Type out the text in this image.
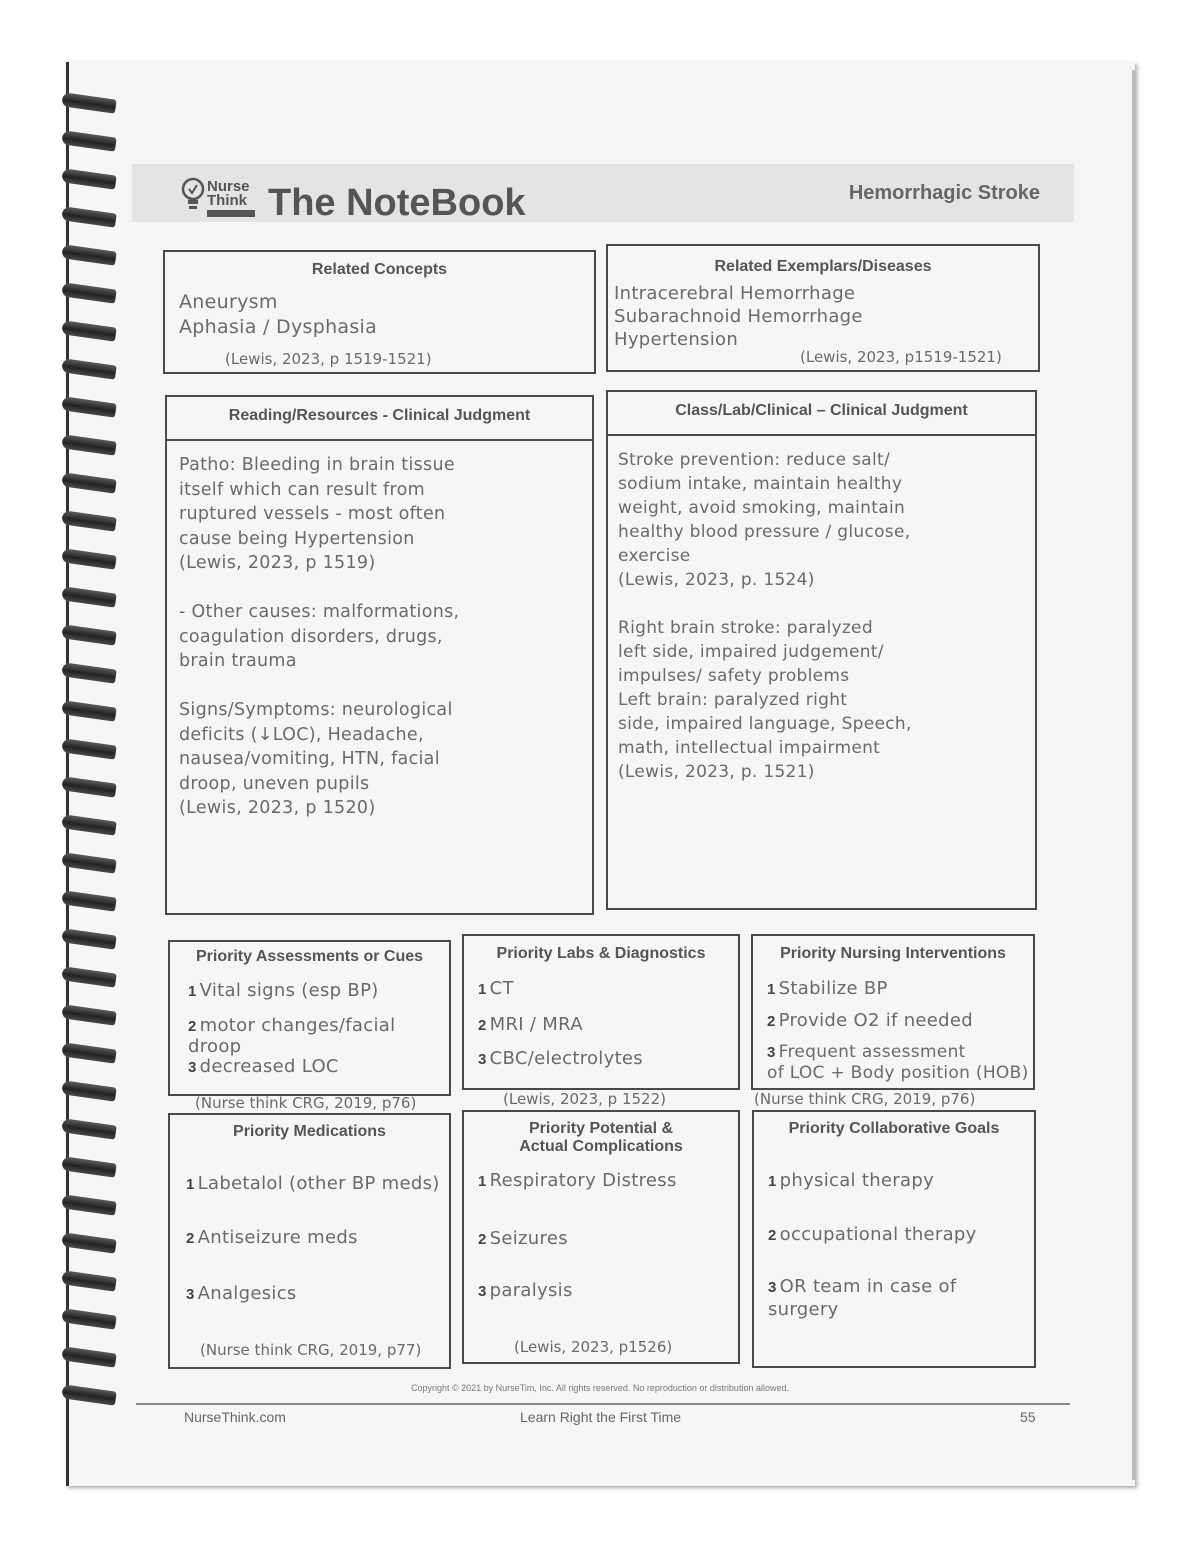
Nurse Think The NoteBook	Hemorrhagic Stroke
Related Concepts
Aneurysm
Aphasia / Dysphasia
(Lewis, 2023, p 1519-1521)
Related Exemplars/Diseases
Intracerebral Hemorrhage
Subarachnoid Hemorrhage
Hypertension
(Lewis, 2023, p1519-1521)
Reading/Resources - Clinical Judgment
Patho: Bleeding in brain tissue
itself which can result from
ruptured vessels - most often
cause being Hypertension
(Lewis, 2023, p 1519)

- Other causes: malformations,
coagulation disorders, drugs,
brain trauma

Signs/Symptoms: neurological
deficits (↓LOC), Headache,
nausea/vomiting, HTN, facial
droop, uneven pupils
(Lewis, 2023, p 1520)
Class/Lab/Clinical – Clinical Judgment
Stroke prevention: reduce salt/
sodium intake, maintain healthy
weight, avoid smoking, maintain
healthy blood pressure / glucose,
exercise
(Lewis, 2023, p. 1524)

Right brain stroke: paralyzed
left side, impaired judgement/
impulses/ safety problems
Left brain: paralyzed right
side, impaired language, Speech,
math, intellectual impairment
(Lewis, 2023, p. 1521)
Priority Assessments or Cues
1 Vital signs (esp BP)
2 motor changes/facial
droop
3 decreased LOC
(Nurse think CRG, 2019, p76)
Priority Labs & Diagnostics
1 CT
2 MRI / MRA
3 CBC/electrolytes
(Lewis, 2023, p 1522)
Priority Nursing Interventions
1 Stabilize BP
2 Provide O2 if needed
3 Frequent assessment
of LOC + Body position (HOB)
(Nurse think CRG, 2019, p76)
Priority Medications
1 Labetalol (other BP meds)
2 Antiseizure meds
3 Analgesics
(Nurse think CRG, 2019, p77)
Priority Potential & Actual Complications
1 Respiratory Distress
2 Seizures
3 paralysis
(Lewis, 2023, p1526)
Priority Collaborative Goals
1 physical therapy
2 occupational therapy
3 OR team in case of
surgery
Copyright © 2021 by NurseTim, Inc. All rights reserved. No reproduction or distribution allowed.
NurseThink.com	Learn Right the First Time	55
